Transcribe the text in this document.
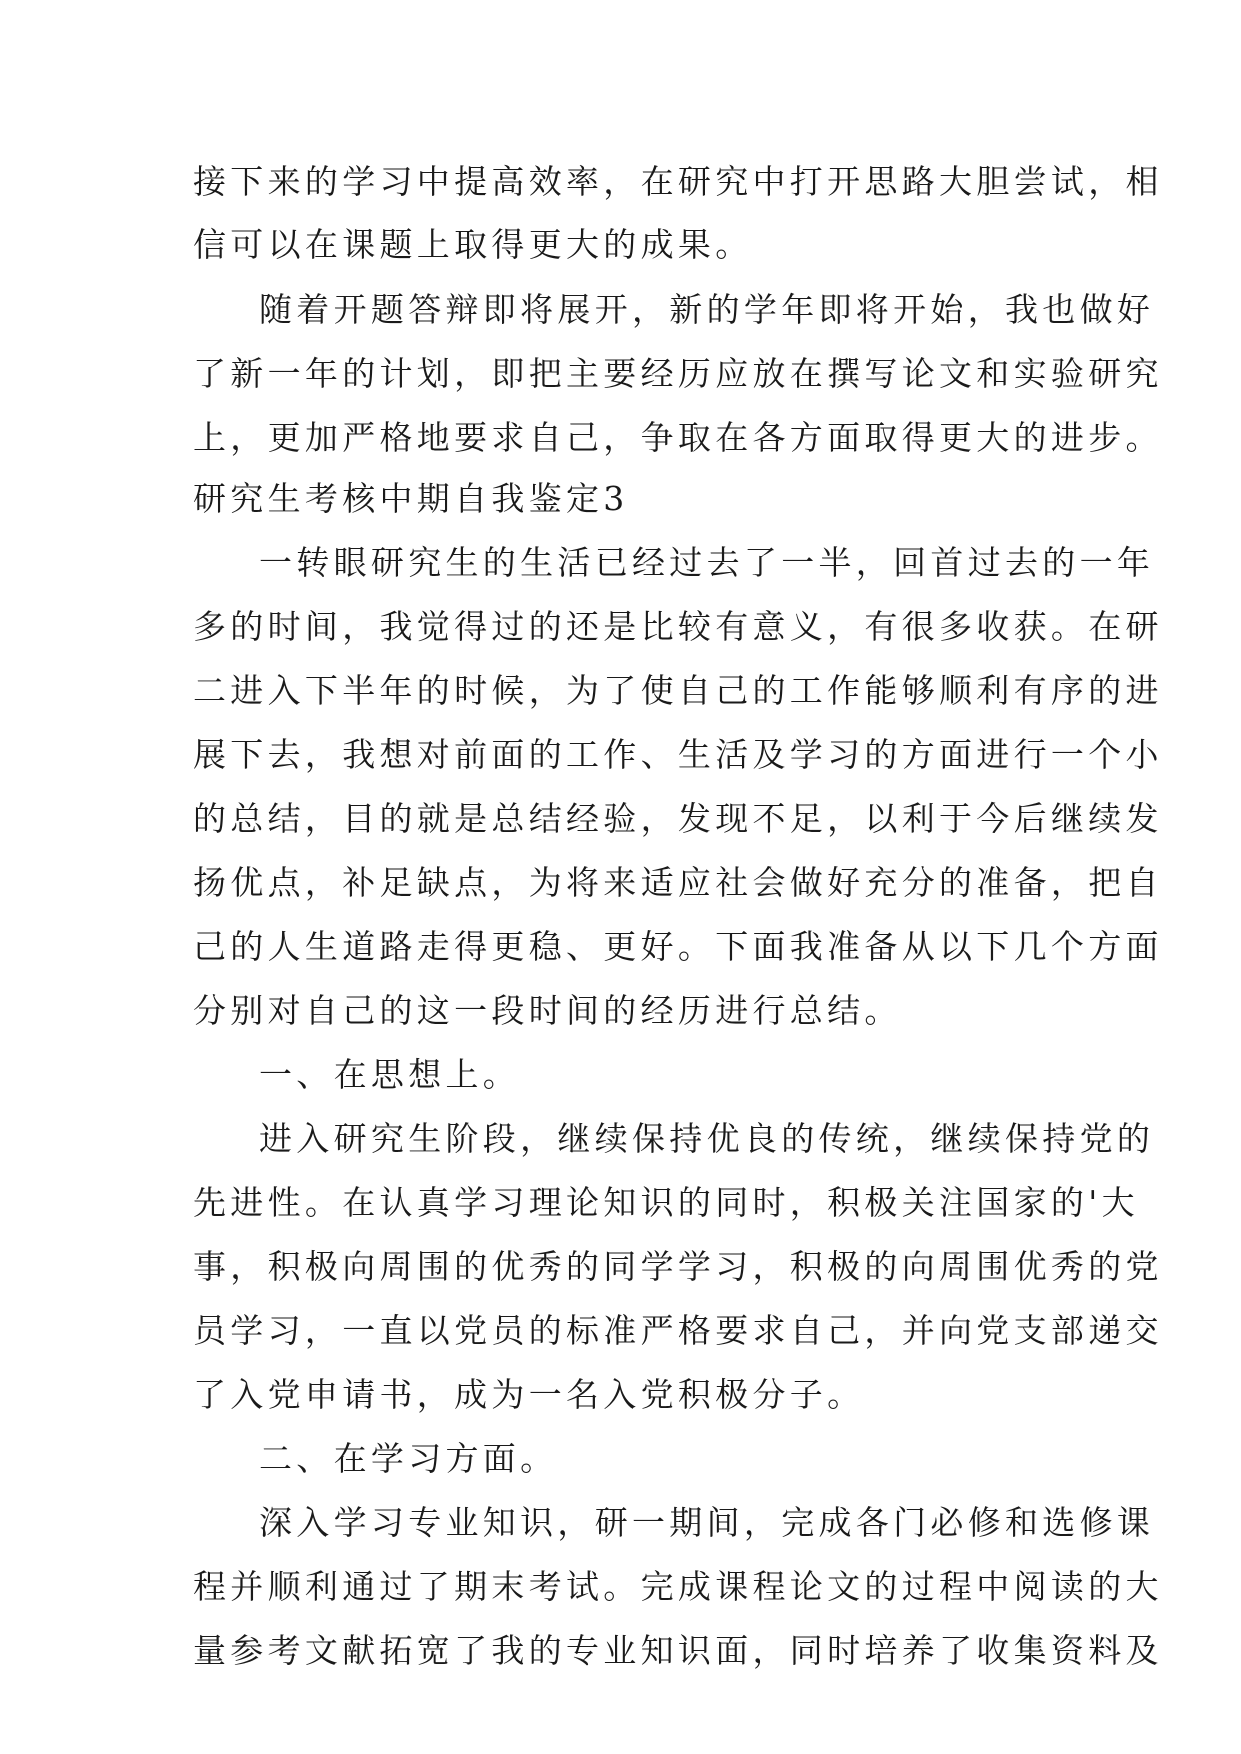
接下来的学习中提高效率，在研究中打开思路大胆尝试，相
信可以在课题上取得更大的成果。
随着开题答辩即将展开，新的学年即将开始，我也做好
了新一年的计划，即把主要经历应放在撰写论文和实验研究
上，更加严格地要求自己，争取在各方面取得更大的进步。
研究生考核中期自我鉴定3
一转眼研究生的生活已经过去了一半，回首过去的一年
多的时间，我觉得过的还是比较有意义，有很多收获。在研
二进入下半年的时候，为了使自己的工作能够顺利有序的进
展下去，我想对前面的工作、生活及学习的方面进行一个小
的总结，目的就是总结经验，发现不足，以利于今后继续发
扬优点，补足缺点，为将来适应社会做好充分的准备，把自
己的人生道路走得更稳、更好。下面我准备从以下几个方面
分别对自己的这一段时间的经历进行总结。
一、在思想上。
进入研究生阶段，继续保持优良的传统，继续保持党的
先进性。在认真学习理论知识的同时，积极关注国家的'大
事，积极向周围的优秀的同学学习，积极的向周围优秀的党
员学习，一直以党员的标准严格要求自己，并向党支部递交
了入党申请书，成为一名入党积极分子。
二、在学习方面。
深入学习专业知识，研一期间，完成各门必修和选修课
程并顺利通过了期末考试。完成课程论文的过程中阅读的大
量参考文献拓宽了我的专业知识面，同时培养了收集资料及
